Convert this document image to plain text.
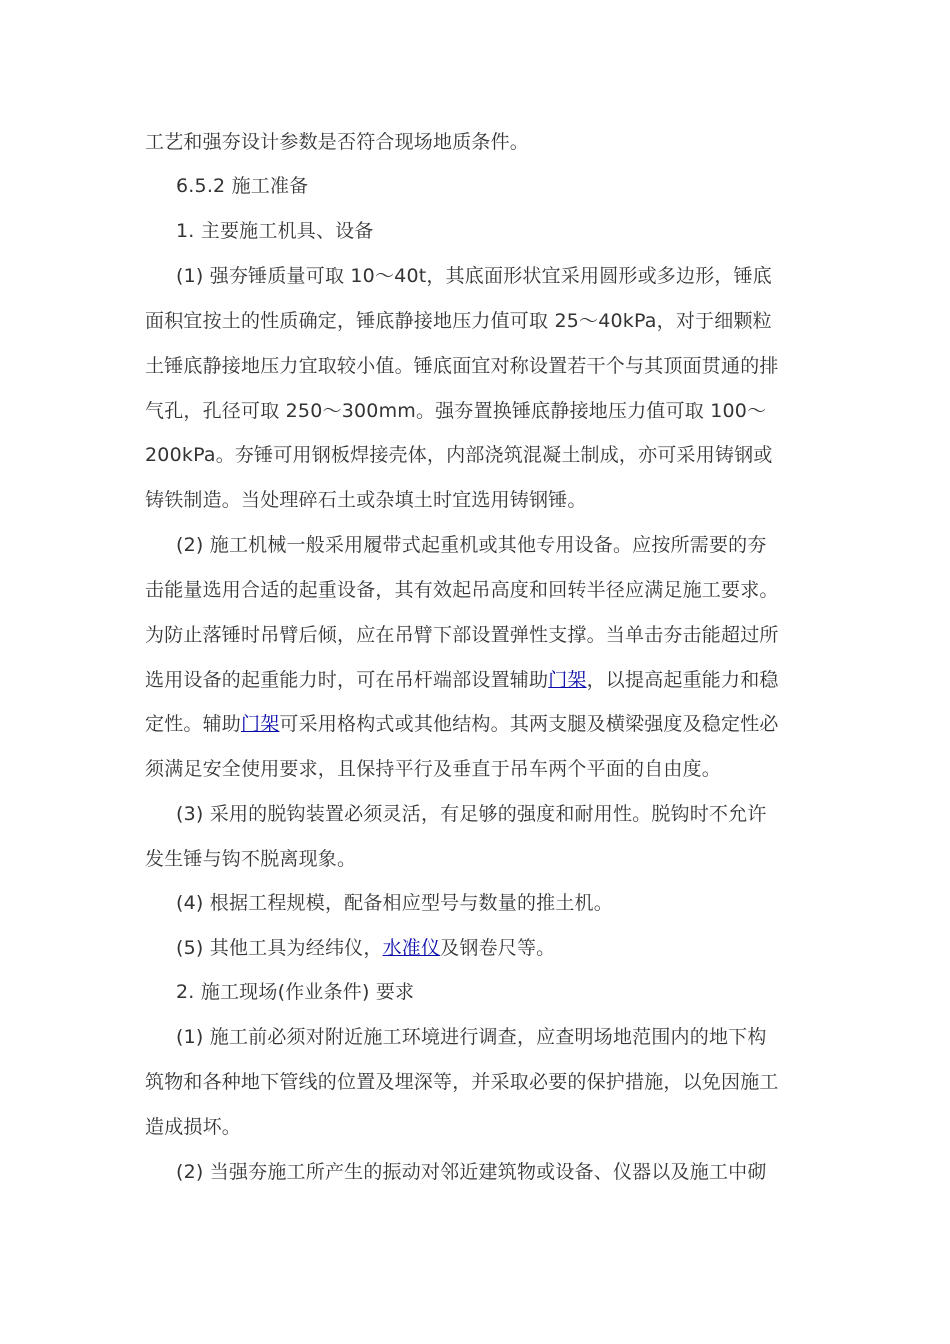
工艺和强夯设计参数是否符合现场地质条件。
6.5.2 施工准备
1. 主要施工机具、设备
(1) 强夯锤质量可取 10～40t，其底面形状宜采用圆形或多边形，锤底
面积宜按土的性质确定，锤底静接地压力值可取 25～40kPa，对于细颗粒
土锤底静接地压力宜取较小值。锤底面宜对称设置若干个与其顶面贯通的排
气孔，孔径可取 250～300mm。强夯置换锤底静接地压力值可取 100～
200kPa。夯锤可用钢板焊接壳体，内部浇筑混凝土制成，亦可采用铸钢或
铸铁制造。当处理碎石土或杂填土时宜选用铸钢锤。
(2) 施工机械一般采用履带式起重机或其他专用设备。应按所需要的夯
击能量选用合适的起重设备，其有效起吊高度和回转半径应满足施工要求。
为防止落锤时吊臂后倾，应在吊臂下部设置弹性支撑。当单击夯击能超过所
选用设备的起重能力时，可在吊杆端部设置辅助门架，以提高起重能力和稳
定性。辅助门架可采用格构式或其他结构。其两支腿及横梁强度及稳定性必
须满足安全使用要求，且保持平行及垂直于吊车两个平面的自由度。
(3) 采用的脱钩装置必须灵活，有足够的强度和耐用性。脱钩时不允许
发生锤与钩不脱离现象。
(4) 根据工程规模，配备相应型号与数量的推土机。
(5) 其他工具为经纬仪，水准仪及钢卷尺等。
2. 施工现场(作业条件) 要求
(1) 施工前必须对附近施工环境进行调查，应查明场地范围内的地下构
筑物和各种地下管线的位置及埋深等，并采取必要的保护措施，以免因施工
造成损坏。
(2) 当强夯施工所产生的振动对邻近建筑物或设备、仪器以及施工中砌
